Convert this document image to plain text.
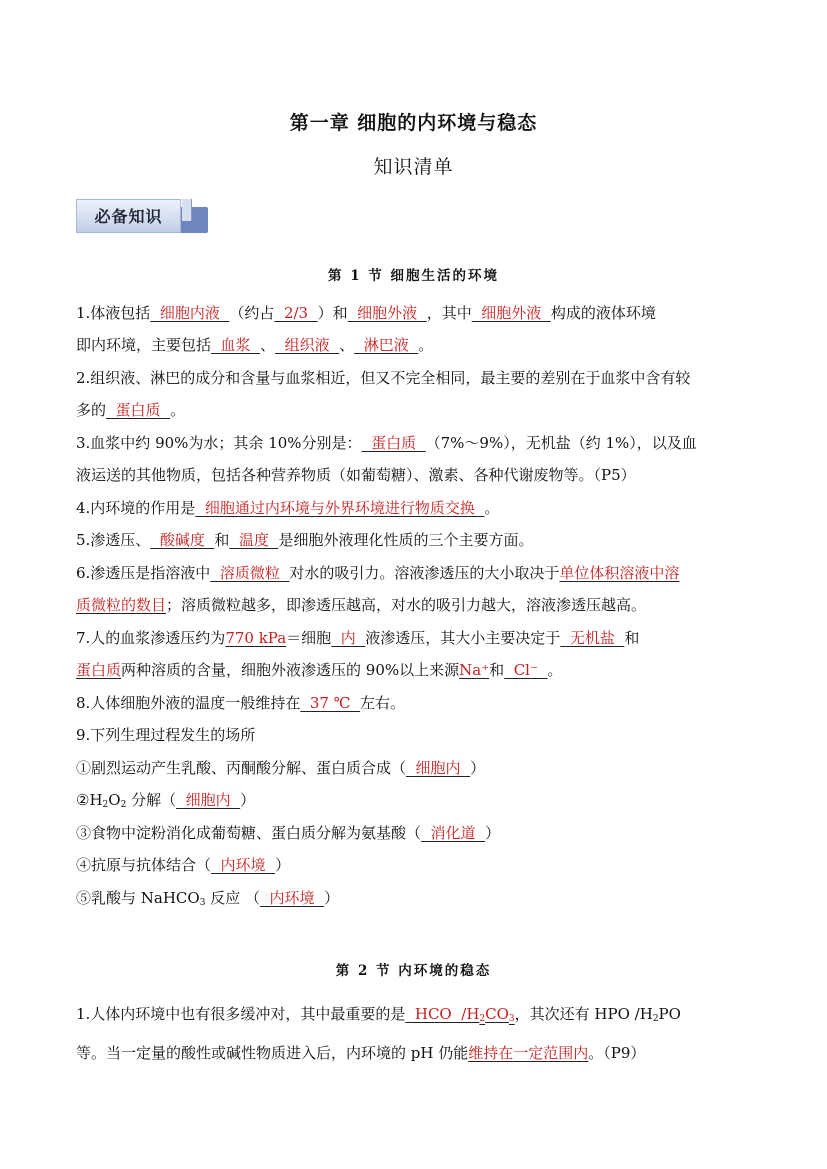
第一章 细胞的内环境与稳态
知识清单
必备知识
第 1 节 细胞生活的环境
1.体液包括  细胞内液  （约占  2/3  ）和  细胞外液  ，其中  细胞外液  构成的液体环境
即内环境，主要包括  血浆  、  组织液  、  淋巴液  。
2.组织液、淋巴的成分和含量与血浆相近，但又不完全相同，最主要的差别在于血浆中含有较
多的  蛋白质  。
3.血浆中约 90%为水；其余 10%分别是：  蛋白质  （7%～9%），无机盐（约 1%），以及血
液运送的其他物质，包括各种营养物质（如葡萄糖）、激素、各种代谢废物等。（P5）
4.内环境的作用是  细胞通过内环境与外界环境进行物质交换  。
5.渗透压、  酸碱度  和  温度  是细胞外液理化性质的三个主要方面。
6.渗透压是指溶液中  溶质微粒  对水的吸引力。溶液渗透压的大小取决于单位体积溶液中溶
质微粒的数目；溶质微粒越多，即渗透压越高，对水的吸引力越大，溶液渗透压越高。
7.人的血浆渗透压约为770 kPa＝细胞  内  液渗透压，其大小主要决定于  无机盐  和
蛋白质两种溶质的含量，细胞外液渗透压的 90%以上来源Na⁺和  Cl⁻  。
8.人体细胞外液的温度一般维持在  37 ℃  左右。
9.下列生理过程发生的场所
①剧烈运动产生乳酸、丙酮酸分解、蛋白质合成（  细胞内  ）
$②H_2O_2$ 分解（  细胞内  ）
③食物中淀粉消化成葡萄糖、蛋白质分解为氨基酸（  消化道  ）
④抗原与抗体结合（  内环境  ）
⑤乳酸与 NaHCO$_3$ 反应 （  内环境  ）
第 2 节 内环境的稳态
1.人体内环境中也有很多缓冲对，其中最重要的是  HCO  $/H_2CO_3$，其次还有 HPO $/H_2PO$
等。当一定量的酸性或碱性物质进入后，内环境的 pH 仍能维持在一定范围内。（P9）
